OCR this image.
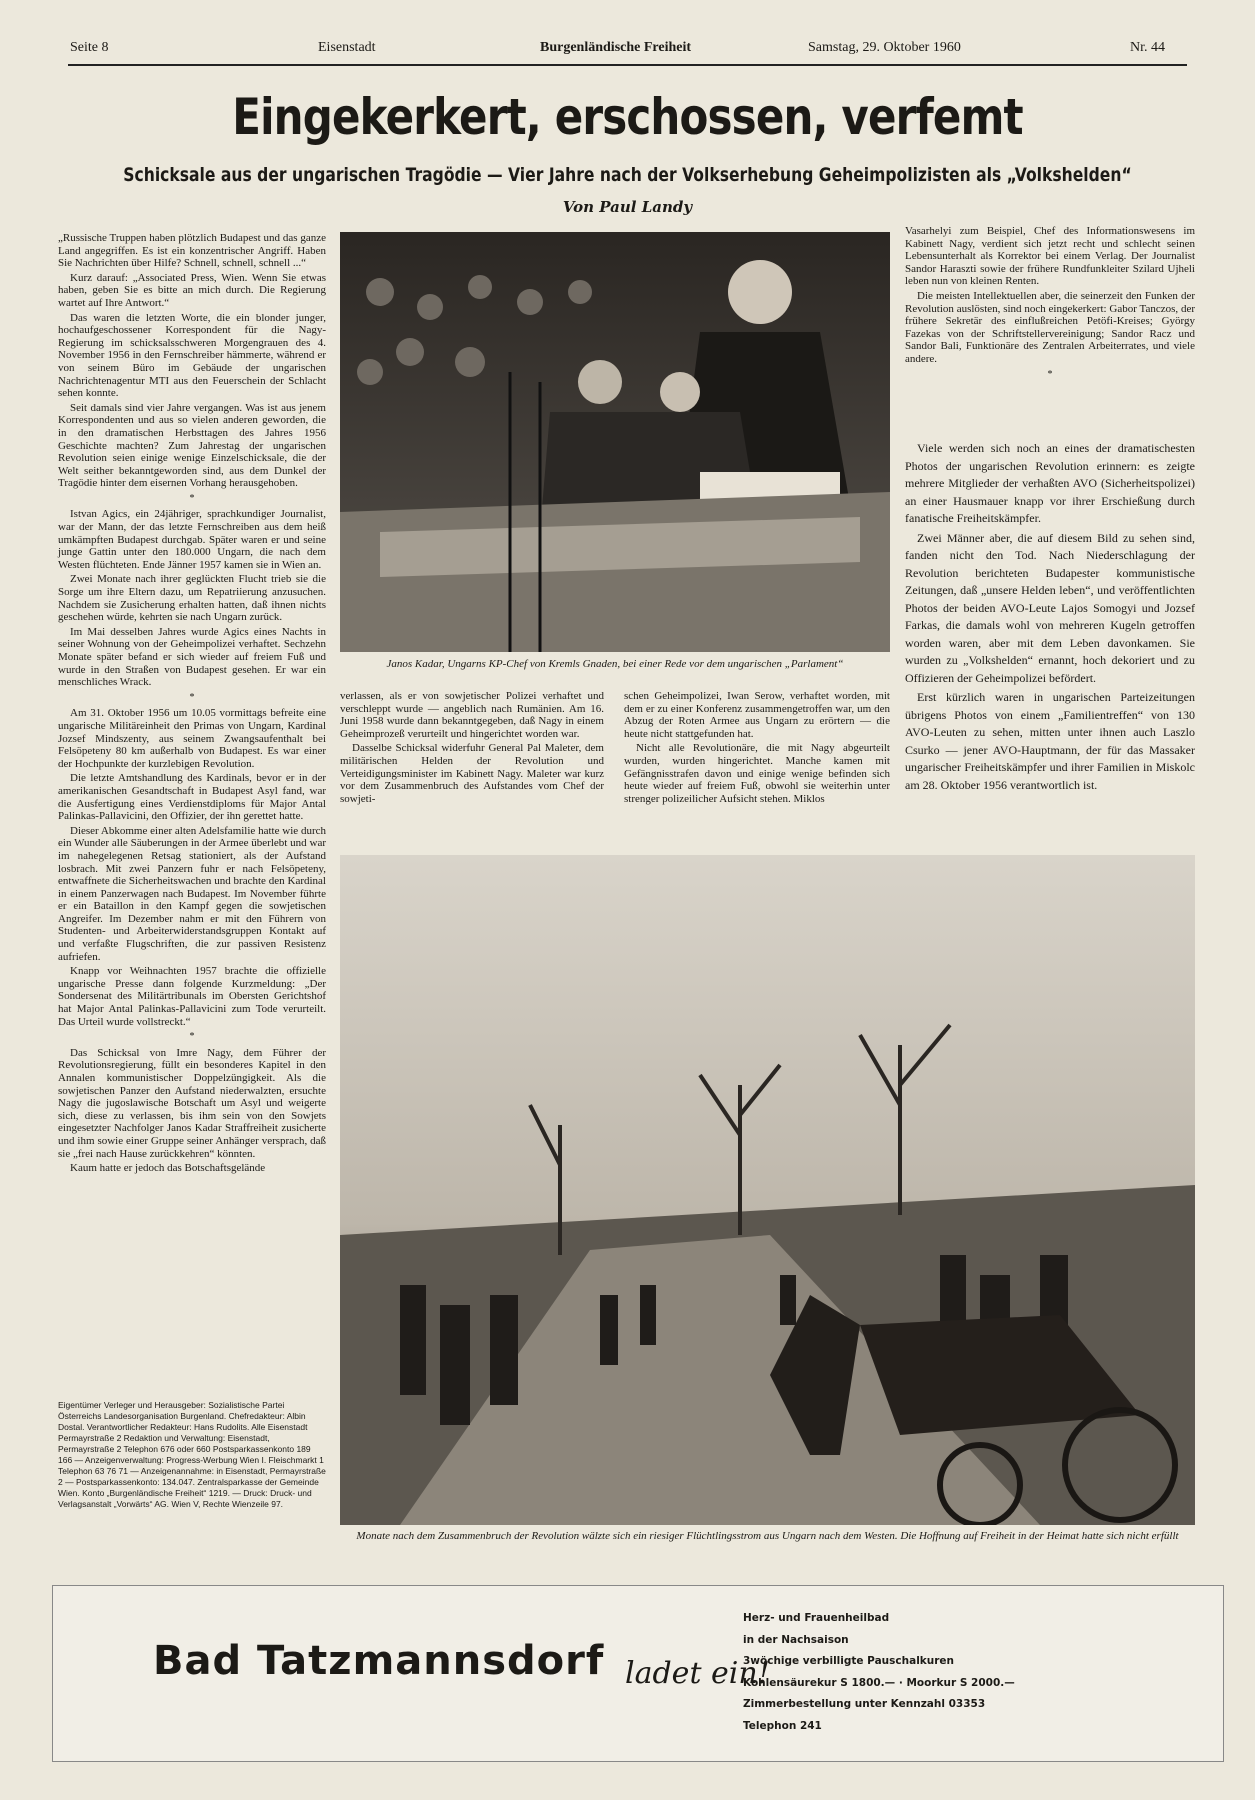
Seite 8	Eisenstadt	Burgenländische Freiheit	Samstag, 29. Oktober 1960	Nr. 44
Eingekerkert, erschossen, verfemt
Schicksale aus der ungarischen Tragödie — Vier Jahre nach der Volkserhebung Geheimpolizisten als „Volkshelden“
Von Paul Landy

„Russische Truppen haben plötzlich Budapest und das ganze Land angegriffen. Es ist ein konzentrischer Angriff. Haben Sie Nachrichten über Hilfe? Schnell, schnell, schnell ...“

Kurz darauf: „Associated Press, Wien. Wenn Sie etwas haben, geben Sie es bitte an mich durch. Die Regierung wartet auf Ihre Antwort.“

Das waren die letzten Worte, die ein blonder junger, hochaufgeschossener Korrespondent für die Nagy-Regierung im schicksalsschweren Morgengrauen des 4. November 1956 in den Fernschreiber hämmerte, während er von seinem Büro im Gebäude der ungarischen Nachrichtenagentur MTI aus den Feuerschein der Schlacht sehen konnte.

Seit damals sind vier Jahre vergangen. Was ist aus jenem Korrespondenten und aus so vielen anderen geworden, die in den dramatischen Herbsttagen des Jahres 1956 Geschichte machten? Zum Jahrestag der ungarischen Revolution seien einige wenige Einzelschicksale, die der Welt seither bekanntgeworden sind, aus dem Dunkel der Tragödie hinter dem eisernen Vorhang herausgehoben.

*

Istvan Agics, ein 24jähriger, sprachkundiger Journalist, war der Mann, der das letzte Fernschreiben aus dem heiß umkämpften Budapest durchgab. Später waren er und seine junge Gattin unter den 180.000 Ungarn, die nach dem Westen flüchteten. Ende Jänner 1957 kamen sie in Wien an.

Zwei Monate nach ihrer geglückten Flucht trieb sie die Sorge um ihre Eltern dazu, um Repatriierung anzusuchen. Nachdem sie Zusicherung erhalten hatten, daß ihnen nichts geschehen würde, kehrten sie nach Ungarn zurück.

Im Mai desselben Jahres wurde Agics eines Nachts in seiner Wohnung von der Geheimpolizei verhaftet. Sechzehn Monate später befand er sich wieder auf freiem Fuß und wurde in den Straßen von Budapest gesehen. Er war ein menschliches Wrack.

*

Am 31. Oktober 1956 um 10.05 vormittags befreite eine ungarische Militäreinheit den Primas von Ungarn, Kardinal Jozsef Mindszenty, aus seinem Zwangsaufenthalt bei Felsöpeteny 80 km außerhalb von Budapest. Es war einer der Hochpunkte der kurzlebigen Revolution.

Die letzte Amtshandlung des Kardinals, bevor er in der amerikanischen Gesandtschaft in Budapest Asyl fand, war die Ausfertigung eines Verdienstdiploms für Major Antal Palinkas-Pallavicini, den Offizier, der ihn gerettet hatte.

Dieser Abkomme einer alten Adelsfamilie hatte wie durch ein Wunder alle Säuberungen in der Armee überlebt und war im nahegelegenen Retsag stationiert, als der Aufstand losbrach. Mit zwei Panzern fuhr er nach Felsöpeteny, entwaffnete die Sicherheitswachen und brachte den Kardinal in einem Panzerwagen nach Budapest. Im November führte er ein Bataillon in den Kampf gegen die sowjetischen Angreifer. Im Dezember nahm er mit den Führern von Studenten- und Arbeiterwiderstandsgruppen Kontakt auf und verfaßte Flugschriften, die zur passiven Resistenz aufriefen.

Knapp vor Weihnachten 1957 brachte die offizielle ungarische Presse dann folgende Kurzmeldung: „Der Sondersenat des Militärtribunals im Obersten Gerichtshof hat Major Antal Palinkas-Pallavicini zum Tode verurteilt. Das Urteil wurde vollstreckt.“

*

Das Schicksal von Imre Nagy, dem Führer der Revolutionsregierung, füllt ein besonderes Kapitel in den Annalen kommunistischer Doppelzüngigkeit. Als die sowjetischen Panzer den Aufstand niederwalzten, ersuchte Nagy die jugoslawische Botschaft um Asyl und weigerte sich, diese zu verlassen, bis ihm sein von den Sowjets eingesetzter Nachfolger Janos Kadar Straffreiheit zusicherte und ihm sowie einer Gruppe seiner Anhänger versprach, daß sie „frei nach Hause zurückkehren“ könnten.

Kaum hatte er jedoch das Botschaftsgelände

Janos Kadar, Ungarns KP-Chef von Kremls Gnaden, bei einer Rede vor dem ungarischen „Parlament“

verlassen, als er von sowjetischer Polizei verhaftet und verschleppt wurde — angeblich nach Rumänien. Am 16. Juni 1958 wurde dann bekanntgegeben, daß Nagy in einem Geheimprozeß verurteilt und hingerichtet worden war.

Dasselbe Schicksal widerfuhr General Pal Maleter, dem militärischen Helden der Revolution und Verteidigungsminister im Kabinett Nagy. Maleter war kurz vor dem Zusammenbruch des Aufstandes vom Chef der sowjeti-

schen Geheimpolizei, Iwan Serow, verhaftet worden, mit dem er zu einer Konferenz zusammengetroffen war, um den Abzug der Roten Armee aus Ungarn zu erörtern — die heute nicht stattgefunden hat.

Nicht alle Revolutionäre, die mit Nagy abgeurteilt wurden, wurden hingerichtet. Manche kamen mit Gefängnisstrafen davon und einige wenige befinden sich heute wieder auf freiem Fuß, obwohl sie weiterhin unter strenger polizeilicher Aufsicht stehen. Miklos

Vasarhelyi zum Beispiel, Chef des Informationswesens im Kabinett Nagy, verdient sich jetzt recht und schlecht seinen Lebensunterhalt als Korrektor bei einem Verlag. Der Journalist Sandor Haraszti sowie der frühere Rundfunkleiter Szilard Ujheli leben nun von kleinen Renten.

Die meisten Intellektuellen aber, die seinerzeit den Funken der Revolution auslösten, sind noch eingekerkert: Gabor Tanczos, der frühere Sekretär des einflußreichen Petöfi-Kreises; György Fazekas von der Schriftstellervereinigung; Sandor Racz und Sandor Bali, Funktionäre des Zentralen Arbeiterrates, und viele andere.

*

Viele werden sich noch an eines der dramatischesten Photos der ungarischen Revolution erinnern: es zeigte mehrere Mitglieder der verhaßten AVO (Sicherheitspolizei) an einer Hausmauer knapp vor ihrer Erschießung durch fanatische Freiheitskämpfer.

Zwei Männer aber, die auf diesem Bild zu sehen sind, fanden nicht den Tod. Nach Niederschlagung der Revolution berichteten Budapester kommunistische Zeitungen, daß „unsere Helden leben“, und veröffentlichten Photos der beiden AVO-Leute Lajos Somogyi und Jozsef Farkas, die damals wohl von mehreren Kugeln getroffen worden waren, aber mit dem Leben davonkamen. Sie wurden zu „Volkshelden“ ernannt, hoch dekoriert und zu Offizieren der Geheimpolizei befördert.

Erst kürzlich waren in ungarischen Parteizeitungen übrigens Photos von einem „Familientreffen“ von 130 AVO-Leuten zu sehen, mitten unter ihnen auch Laszlo Csurko — jener AVO-Hauptmann, der für das Massaker ungarischer Freiheitskämpfer und ihrer Familien in Miskolc am 28. Oktober 1956 verantwortlich ist.

Monate nach dem Zusammenbruch der Revolution wälzte sich ein riesiger Flüchtlingsstrom aus Ungarn nach dem Westen. Die Hoffnung auf Freiheit in der Heimat hatte sich nicht erfüllt
Eigentümer Verleger und Herausgeber: Sozialistische Partei Österreichs Landesorganisation Burgenland. Chefredakteur: Albin Dostal. Verantwortlicher Redakteur: Hans Rudolits. Alle Eisenstadt Permayrstraße 2 Redaktion und Verwaltung: Eisenstadt, Permayrstraße 2 Telephon 676 oder 660 Postsparkassenkonto 189 166 — Anzeigenverwaltung: Progress-Werbung Wien I. Fleischmarkt 1 Telephon 63 76 71 — Anzeigenannahme: in Eisenstadt, Permayrstraße 2 — Postsparkassenkonto: 134.047. Zentralsparkasse der Gemeinde Wien. Konto „Burgenländische Freiheit“ 1219. — Druck: Druck- und Verlagsanstalt „Vorwärts“ AG. Wien V, Rechte Wienzeile 97.
Bad Tatzmannsdorf ladet ein!
Herz- und Frauenheilbad
in der Nachsaison
3wöchige verbilligte Pauschalkuren
Kohlensäurekur S 1800.— · Moorkur S 2000.—
Zimmerbestellung unter Kennzahl 03353
Telephon 241
